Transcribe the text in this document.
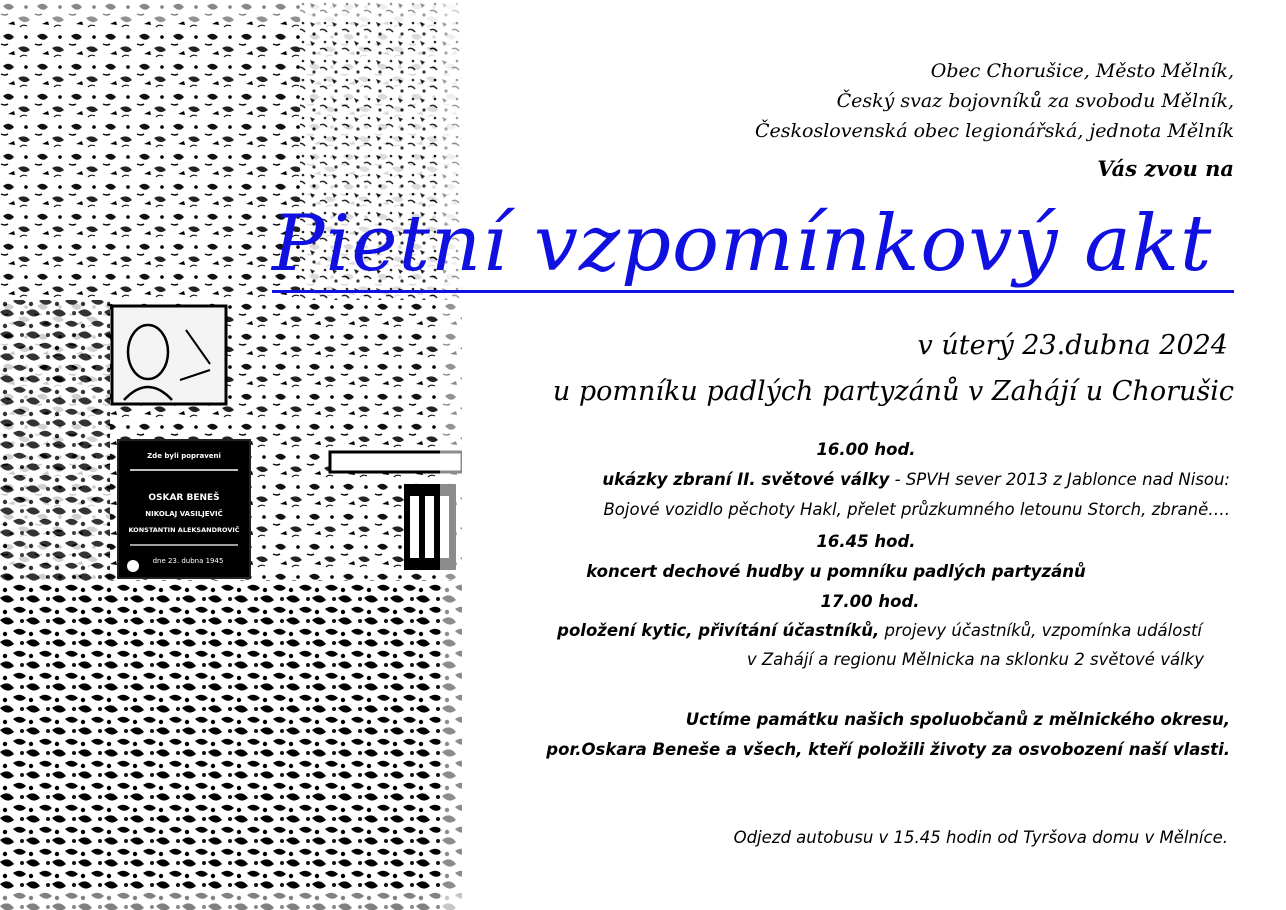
Zde byli popraveni
OSKAR BENEŠ
NIKOLAJ VASILJEVIČ
KONSTANTIN ALEKSANDROVIČ
dne 23. dubna 1945
Obec Chorušice, Město Mělník,
Český svaz bojovníků za svobodu Mělník,
Československá obec legionářská, jednota Mělník
Vás zvou na
Pietní vzpomínkový akt
v úterý 23.dubna 2024
u pomníku padlých partyzánů v Zahájí u Chorušic
16.00 hod.
ukázky zbraní II. světové války - SPVH sever 2013 z Jablonce nad Nisou:
Bojové vozidlo pěchoty Hakl, přelet průzkumného letounu Storch, zbraně….
16.45 hod.
koncert dechové hudby u pomníku padlých partyzánů
17.00 hod.
položení kytic, přivítání účastníků, projevy účastníků, vzpomínka událostí
v Zahájí a regionu Mělnicka na sklonku 2 světové války
Uctíme památku našich spoluobčanů z mělnického okresu,
por.Oskara Beneše a všech, kteří položili životy za osvobození naší vlasti.
Odjezd autobusu v 15.45 hodin od Tyršova domu v Mělníce.
